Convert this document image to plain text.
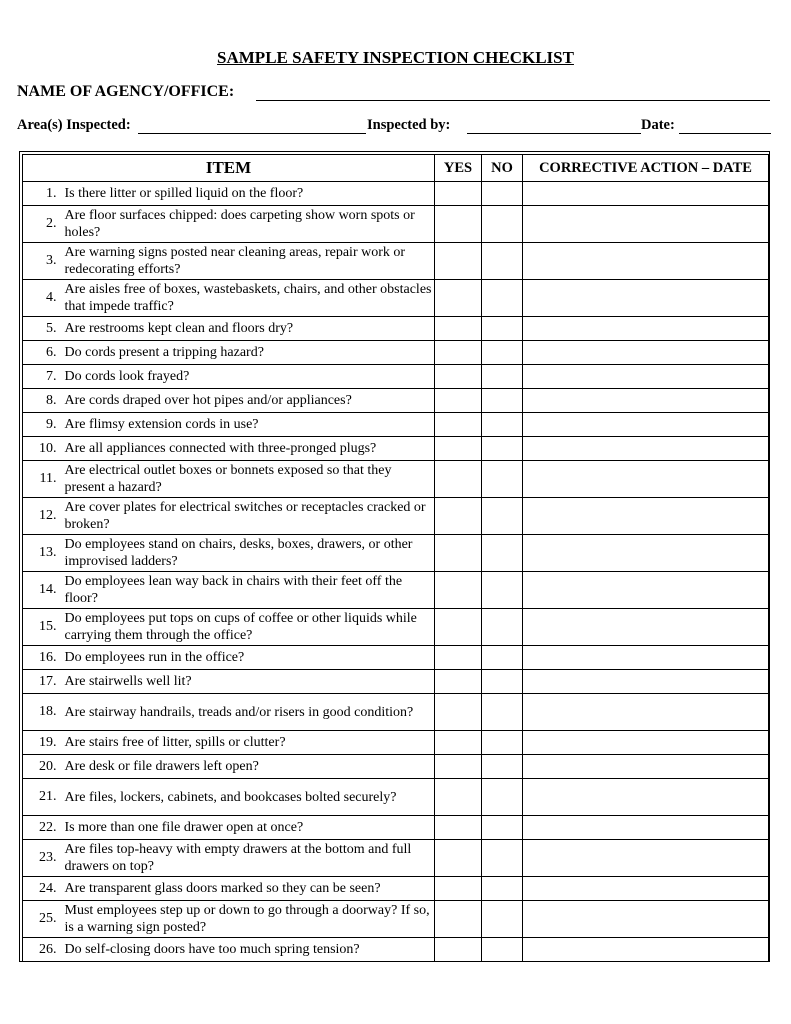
SAMPLE SAFETY INSPECTION CHECKLIST
NAME OF AGENCY/OFFICE:
Area(s) Inspected:	Inspected by:	Date:
ITEM		YES	NO	CORRECTIVE ACTION – DATE
1.	Is there litter or spilled liquid on the floor?			
2.	Are floor surfaces chipped: does carpeting show worn spots or holes?			
3.	Are warning signs posted near cleaning areas, repair work or redecorating efforts?			
4.	Are aisles free of boxes, wastebaskets, chairs, and other obstacles that impede traffic?			
5.	Are restrooms kept clean and floors dry?			
6.	Do cords present a tripping hazard?			
7.	Do cords look frayed?			
8.	Are cords draped over hot pipes and/or appliances?			
9.	Are flimsy extension cords in use?			
10.	Are all appliances connected with three-pronged plugs?			
11.	Are electrical outlet boxes or bonnets exposed so that they present a hazard?			
12.	Are cover plates for electrical switches or receptacles cracked or broken?			
13.	Do employees stand on chairs, desks, boxes, drawers, or other improvised ladders?			
14.	Do employees lean way back in chairs with their feet off the floor?			
15.	Do employees put tops on cups of coffee or other liquids while carrying them through the office?			
16.	Do employees run in the office?			
17.	Are stairwells well lit?			
18.	Are stairway handrails, treads and/or risers in good condition?			
19.	Are stairs free of litter, spills or clutter?			
20.	Are desk or file drawers left open?			
21.	Are files, lockers, cabinets, and bookcases bolted securely?			
22.	Is more than one file drawer open at once?			
23.	Are files top-heavy with empty drawers at the bottom and full drawers on top?			
24.	Are transparent glass doors marked so they can be seen?			
25.	Must employees step up or down to go through a doorway? If so, is a warning sign posted?			
26.	Do self-closing doors have too much spring tension?			
